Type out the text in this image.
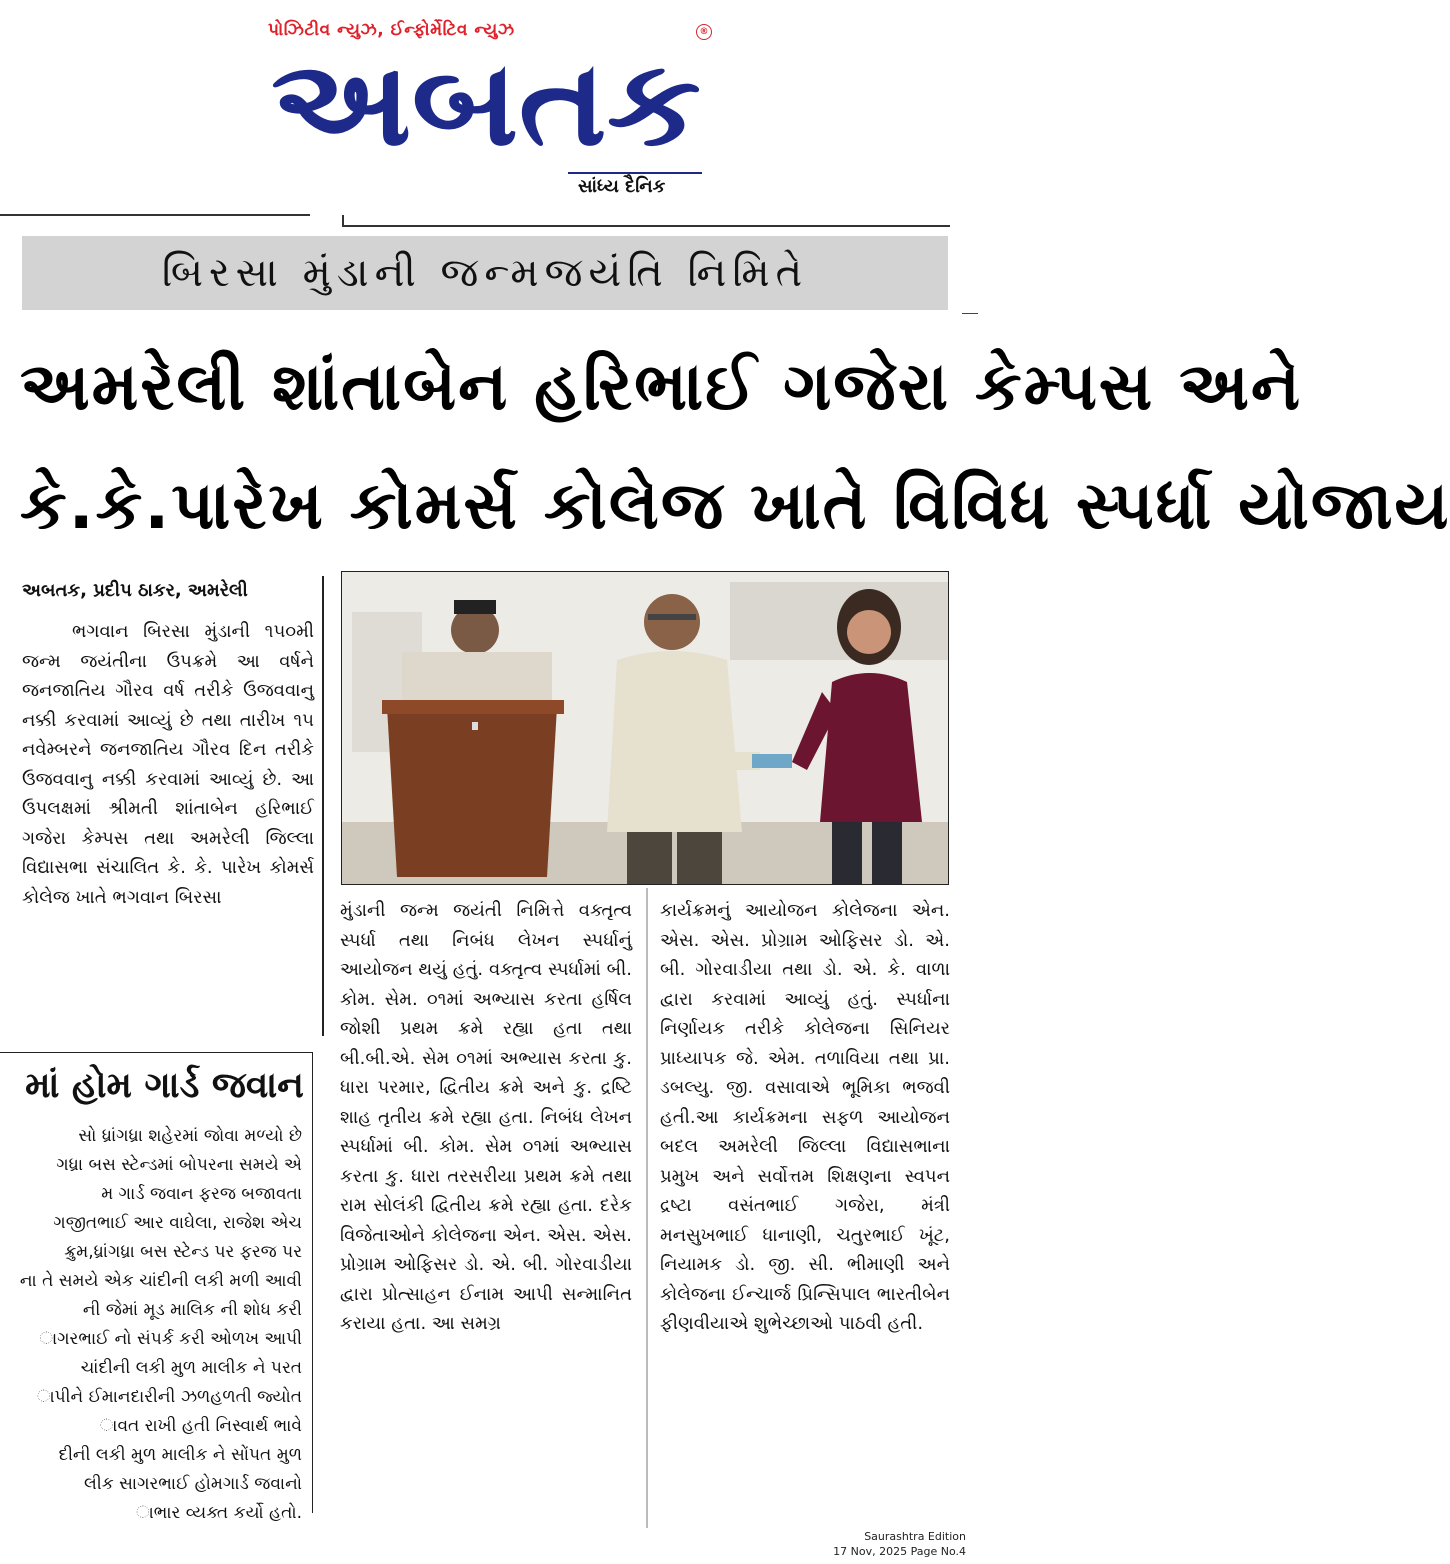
પોઝિટીવ ન્યુઝ, ઈન્ફોર્મેટિવ ન્યુઝ
અબતક
®
સાંધ્ય દૈનિક
બિરસા મુંડાની જન્મજયંતિ નિમિતે
અમરેલી શાંતાબેન હરિભાઈ ગજેરા કેમ્પસ અને
કે.કે.પારેખ કોમર્સ કોલેજ ખાતે વિવિધ સ્પર્ધા યોજાય
અબતક, પ્રદીપ ઠાકર, અમરેલી
ભગવાન બિરસા મુંડાની ૧૫૦મી જન્મ જયંતીના ઉપક્રમે આ વર્ષને જનજાતિય ગૌરવ વર્ષ તરીકે ઉજવવાનુ નક્કી કરવામાં આવ્યું છે તથા તારીખ ૧૫ નવેમ્બરને જનજાતિય ગૌરવ દિન તરીકે ઉજવવાનુ નક્કી કરવામાં આવ્યું છે. આ ઉપલક્ષમાં શ્રીમતી શાંતાબેન હરિભાઈ ગજેરા કેમ્પસ તથા અમરેલી જિલ્લા વિદ્યાસભા સંચાલિત કે. કે. પારેખ કોમર્સ કોલેજ ખાતે ભગવાન બિરસા
મુંડાની જન્મ જયંતી નિમિત્તે વક્તૃત્વ સ્પર્ધા તથા નિબંધ લેખન સ્પર્ધાનું આયોજન થયું હતું. વક્તૃત્વ સ્પર્ધામાં બી. કોમ. સેમ. ૦૧માં અભ્યાસ કરતા હર્ષિલ જોશી પ્રથમ ક્રમે રહ્યા હતા તથા બી.બી.એ. સેમ ૦૧માં અભ્યાસ કરતા કુ. ધારા પરમાર, દ્વિતીય ક્રમે અને કુ. દ્રષ્ટિ શાહ તૃતીય ક્રમે રહ્યા હતા. નિબંધ લેખન સ્પર્ધામાં બી. કોમ. સેમ ૦૧માં અભ્યાસ કરતા કુ. ધારા તરસરીયા પ્રથમ ક્રમે તથા રામ સોલંકી દ્વિતીય ક્રમે રહ્યા હતા. દરેક વિજેતાઓને કોલેજના એન. એસ. એસ. પ્રોગ્રામ ઓફિસર ડો. એ. બી. ગોરવાડીયા દ્વારા પ્રોત્સાહન ઈનામ આપી સન્માનિત કરાયા હતા. આ સમગ્ર
કાર્યક્રમનું આયોજન કોલેજના એન. એસ. એસ. પ્રોગ્રામ ઓફિસર ડો. એ. બી. ગોરવાડીયા તથા ડો. એ. કે. વાળા દ્વારા કરવામાં આવ્યું હતું. સ્પર્ધાના નિર્ણાયક તરીકે કોલેજના સિનિયર પ્રાધ્યાપક જે. એમ. તળાવિયા તથા પ્રા. ડબલ્યુ. જી. વસાવાએ ભૂમિકા ભજવી હતી.આ કાર્યક્રમના સફળ આયોજન બદલ અમરેલી જિલ્લા વિદ્યાસભાના પ્રમુખ અને સર્વોત્તમ શિક્ષણના સ્વપન દ્રષ્ટા વસંતભાઈ ગજેરા, મંત્રી મનસુખભાઈ ધાનાણી, ચતુરભાઈ ખૂંટ, નિયામક ડો. જી. સી. ભીમાણી અને કોલેજના ઈન્ચાર્જ પ્રિન્સિપાલ ભારતીબેન ફીણવીયાએ શુભેચ્છાઓ પાઠવી હતી.
માં હોમ ગાર્ડ જવાન
સો ધ્રાંગધ્રા શહેરમાં જોવા મળ્યો છે
ગધ્રા બસ સ્ટેન્ડમાં બોપરના સમયે એ
મ ગાર્ડ જવાન ફરજ બજાવતા
ગજીતભાઈ આર વાઘેલા, રાજેશ એચ
ક્રુમ,ધ્રાંગધ્રા બસ સ્ટેન્ડ પર ફરજ પર
ના તે સમયે એક ચાંદીની લકી મળી આવી
ની જેમાં મૂડ માલિક ની શોધ કરી
ાગરભાઈ નો સંપર્ક કરી ઓળખ આપી
ચાંદીની લકી મુળ માલીક ને પરત
ાપીને ઈમાનદારીની ઝળહળતી જ્યોત
ાવત રાખી હતી નિસ્વાર્થ ભાવે
દીની લકી મુળ માલીક ને સોંપત મુળ
લીક સાગરભાઈ હોમગાર્ડ જવાનો
ાભાર વ્યક્ત કર્યો હતો.
Saurashtra Edition
17 Nov, 2025 Page No.4
